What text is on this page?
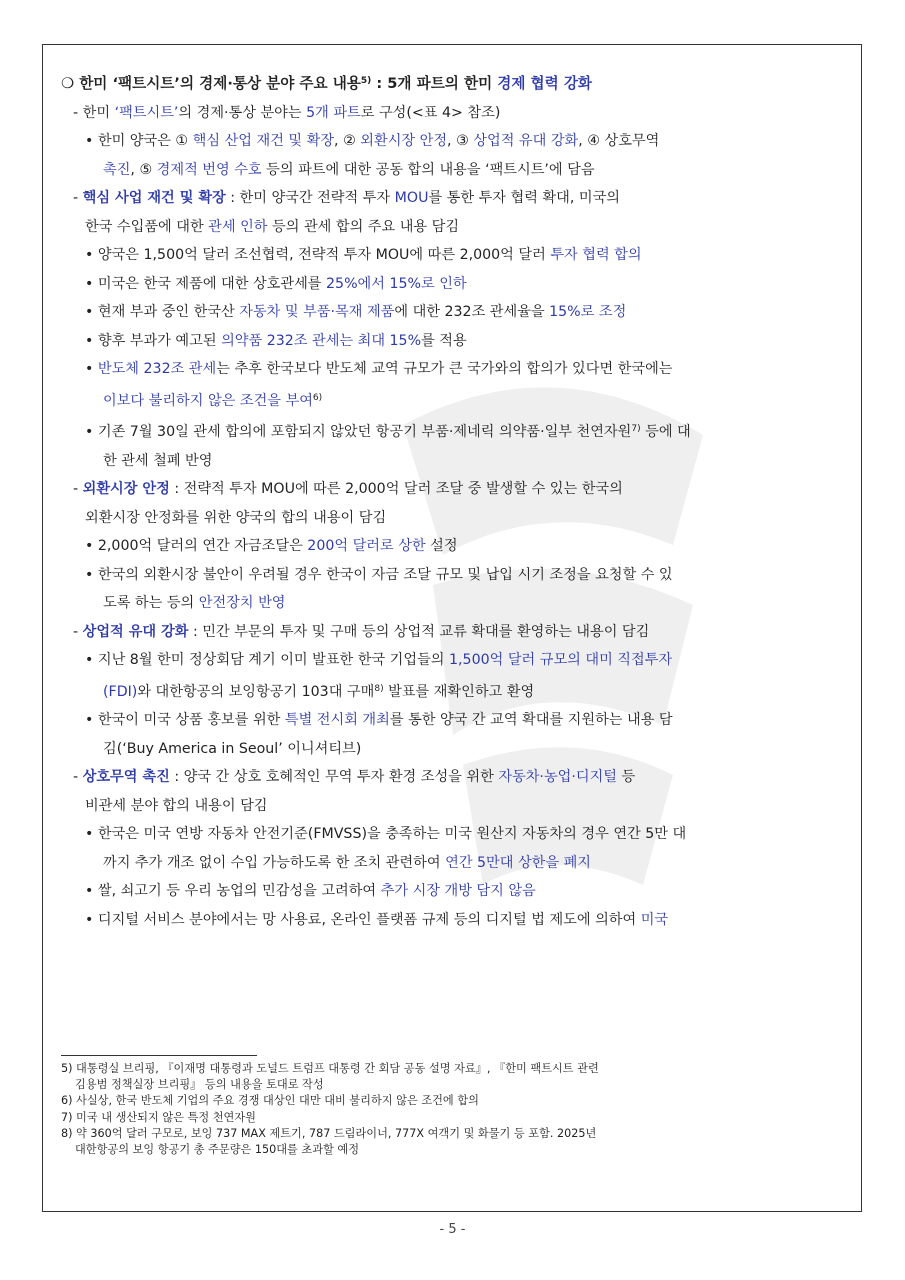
❍ 한미 ‘팩트시트’의 경제·통상 분야 주요 내용$^{5)}$ : 5개 파트의 한미 경제 협력 강화
- 한미 ‘팩트시트’의 경제·통상 분야는 5개 파트로 구성(<표 4> 참조)
• 한미 양국은 ① 핵심 산업 재건 및 확장, ② 외환시장 안정, ③ 상업적 유대 강화, ④ 상호무역
촉진, ⑤ 경제적 번영 수호 등의 파트에 대한 공동 합의 내용을 ‘팩트시트’에 담음
- 핵심 사업 재건 및 확장 : 한미 양국간 전략적 투자 MOU를 통한 투자 협력 확대, 미국의
한국 수입품에 대한 관세 인하 등의 관세 합의 주요 내용 담김
• 양국은 1,500억 달러 조선협력, 전략적 투자 MOU에 따른 2,000억 달러 투자 협력 합의
• 미국은 한국 제품에 대한 상호관세를 25%에서 15%로 인하
• 현재 부과 중인 한국산 자동차 및 부품·목재 제품에 대한 232조 관세율을 15%로 조정
• 향후 부과가 예고된 의약품 232조 관세는 최대 15%를 적용
• 반도체 232조 관세는 추후 한국보다 반도체 교역 규모가 큰 국가와의 합의가 있다면 한국에는
이보다 불리하지 않은 조건을 부여$^{6)}$
• 기존 7월 30일 관세 합의에 포함되지 않았던 항공기 부품·제네릭 의약품·일부 천연자원$^{7)}$ 등에 대
한 관세 철폐 반영
- 외환시장 안정 : 전략적 투자 MOU에 따른 2,000억 달러 조달 중 발생할 수 있는 한국의
외환시장 안정화를 위한 양국의 합의 내용이 담김
• 2,000억 달러의 연간 자금조달은 200억 달러로 상한 설정
• 한국의 외환시장 불안이 우려될 경우 한국이 자금 조달 규모 및 납입 시기 조정을 요청할 수 있
도록 하는 등의 안전장치 반영
- 상업적 유대 강화 : 민간 부문의 투자 및 구매 등의 상업적 교류 확대를 환영하는 내용이 담김
• 지난 8월 한미 정상회담 계기 이미 발표한 한국 기업들의 1,500억 달러 규모의 대미 직접투자
(FDI)와 대한항공의 보잉항공기 103대 구매$^{8)}$ 발표를 재확인하고 환영
• 한국이 미국 상품 홍보를 위한 특별 전시회 개최를 통한 양국 간 교역 확대를 지원하는 내용 담
김(‘Buy America in Seoul’ 이니셔티브)
- 상호무역 촉진 : 양국 간 상호 호혜적인 무역 투자 환경 조성을 위한 자동차·농업·디지털 등
비관세 분야 합의 내용이 담김
• 한국은 미국 연방 자동차 안전기준(FMVSS)을 충족하는 미국 원산지 자동차의 경우 연간 5만 대
까지 추가 개조 없이 수입 가능하도록 한 조치 관련하여 연간 5만대 상한을 폐지
• 쌀, 쇠고기 등 우리 농업의 민감성을 고려하여 추가 시장 개방 담지 않음
• 디지털 서비스 분야에서는 망 사용료, 온라인 플랫폼 규제 등의 디지털 법 제도에 의하여 미국
5) 대통령실 브리핑, 『이재명 대통령과 도널드 트럼프 대통령 간 회담 공동 설명 자료』, 『한미 팩트시트 관련
김용범 정책실장 브리핑』 등의 내용을 토대로 작성
6) 사실상, 한국 반도체 기업의 주요 경쟁 대상인 대만 대비 불리하지 않은 조건에 합의
7) 미국 내 생산되지 않은 특정 천연자원
8) 약 360억 달러 구모로, 보잉 737 MAX 제트기, 787 드림라이너, 777X 여객기 및 화물기 등 포함. 2025년
대한항공의 보잉 항공기 총 주문량은 150대를 초과할 예정
- 5 -
